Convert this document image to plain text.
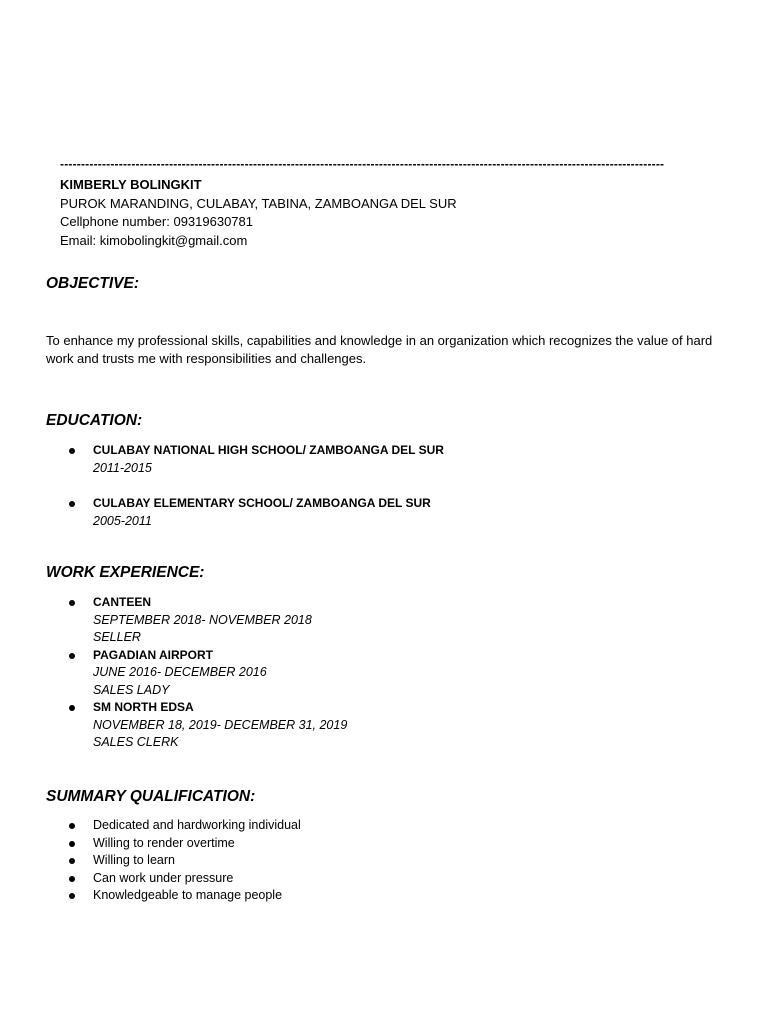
------------------------------------------------------------------------------------------------------------------------------------------------
KIMBERLY BOLINGKIT
PUROK MARANDING, CULABAY, TABINA, ZAMBOANGA DEL SUR
Cellphone number: 09319630781
Email: kimobolingkit@gmail.com
OBJECTIVE:
To enhance my professional skills, capabilities and knowledge in an organization which recognizes the value of hard work and trusts me with responsibilities and challenges.
EDUCATION:
CULABAY NATIONAL HIGH SCHOOL/ ZAMBOANGA DEL SUR
2011-2015
CULABAY ELEMENTARY SCHOOL/ ZAMBOANGA DEL SUR
2005-2011
WORK EXPERIENCE:
CANTEEN
SEPTEMBER 2018- NOVEMBER 2018
SELLER
PAGADIAN AIRPORT
JUNE 2016- DECEMBER 2016
SALES LADY
SM NORTH EDSA
NOVEMBER 18, 2019- DECEMBER 31, 2019
SALES CLERK
SUMMARY QUALIFICATION:
Dedicated and hardworking individual
Willing to render overtime
Willing to learn
Can work under pressure
Knowledgeable to manage people
